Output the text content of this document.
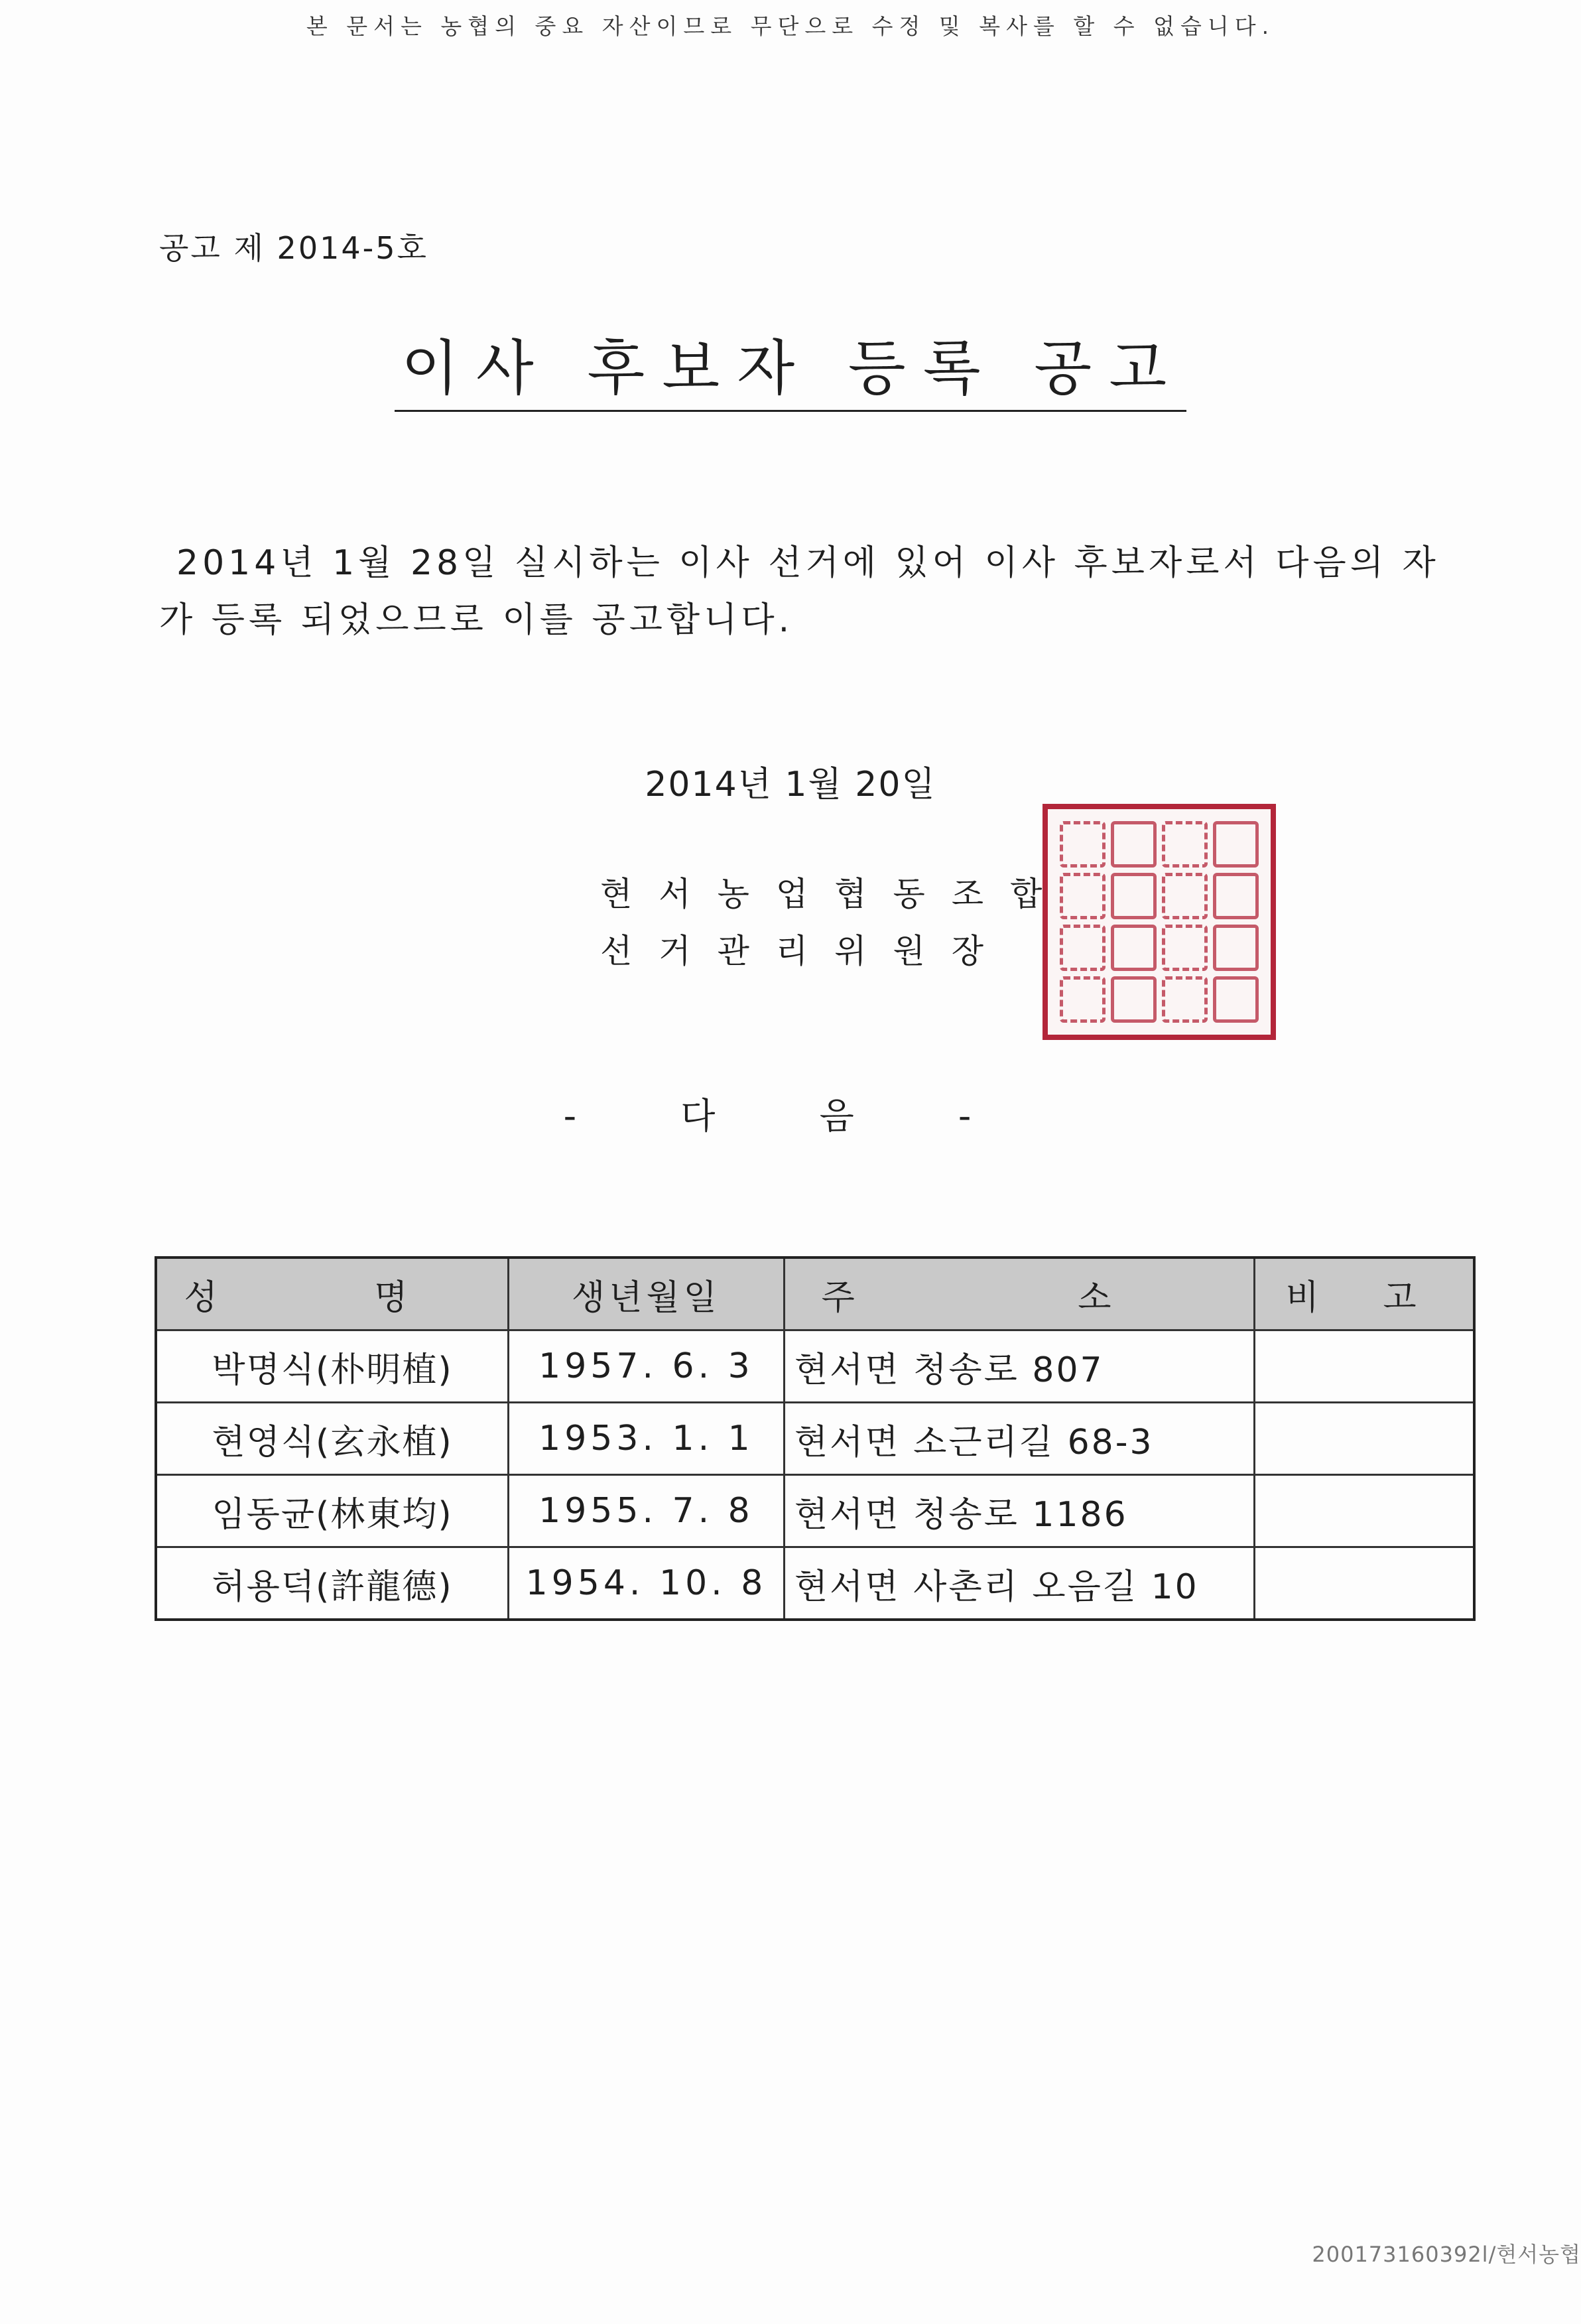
본 문서는 농협의 중요 자산이므로 무단으로 수정 및 복사를 할 수 없습니다.
공고 제 2014-5호
이사 후보자 등록 공고
2014년 1월 28일 실시하는 이사 선거에 있어 이사 후보자로서 다음의 자가 등록 되었으므로 이를 공고합니다.
2014년 1월 20일
현서농업협동조합
선거관리위원장
- 다 음 -
성 명	생년월일	주 소	비 고
박명식(朴明植)	1957. 6. 3	현서면 청송로 807	
현영식(玄永植)	1953. 1. 1	현서면 소근리길 68-3	
임동균(林東均)	1955. 7. 8	현서면 청송로 1186	
허용덕(許龍德)	1954. 10. 8	현서면 사촌리 오음길 10	
200173160392l/현서농협
